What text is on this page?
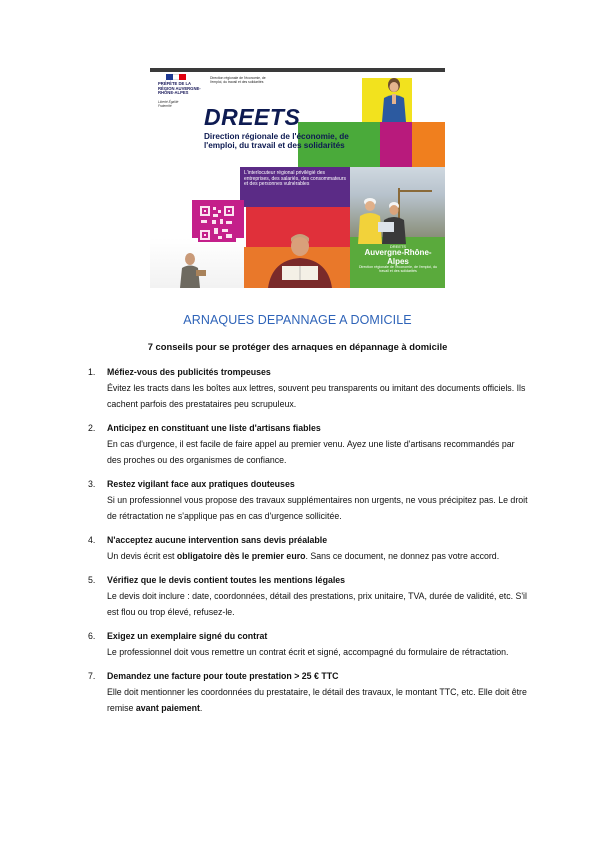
PRÉFÈTE DE LA RÉGION AUVERGNE-RHÔNE-ALPES
Liberté Égalité Fraternité
Direction régionale de l'économie, de l'emploi, du travail et des solidarités
DREETS
Direction régionale de l'économie, de l'emploi, du travail et des solidarités
L'interlocuteur régional privilégié des entreprises, des salariés, des consommateurs et des personnes vulnérables
DREETS
Auvergne-Rhône-Alpes
Direction régionale de l'économie, de l'emploi, du travail et des solidarités
ARNAQUES DEPANNAGE A DOMICILE
7 conseils pour se protéger des arnaques en dépannage à domicile
1.	Méfiez-vous des publicités trompeuses
Évitez les tracts dans les boîtes aux lettres, souvent peu transparents ou imitant des documents officiels. Ils cachent parfois des prestataires peu scrupuleux.
2.	Anticipez en constituant une liste d'artisans fiables
En cas d'urgence, il est facile de faire appel au premier venu. Ayez une liste d'artisans recommandés par des proches ou des organismes de confiance.
3.	Restez vigilant face aux pratiques douteuses
Si un professionnel vous propose des travaux supplémentaires non urgents, ne vous précipitez pas. Le droit de rétractation ne s'applique pas en cas d'urgence sollicitée.
4.	N'acceptez aucune intervention sans devis préalable
Un devis écrit est obligatoire dès le premier euro. Sans ce document, ne donnez pas votre accord.
5.	Vérifiez que le devis contient toutes les mentions légales
Le devis doit inclure : date, coordonnées, détail des prestations, prix unitaire, TVA, durée de validité, etc. S'il est flou ou trop élevé, refusez-le.
6.	Exigez un exemplaire signé du contrat
Le professionnel doit vous remettre un contrat écrit et signé, accompagné du formulaire de rétractation.
7.	Demandez une facture pour toute prestation > 25 € TTC
Elle doit mentionner les coordonnées du prestataire, le détail des travaux, le montant TTC, etc. Elle doit être remise avant paiement.
